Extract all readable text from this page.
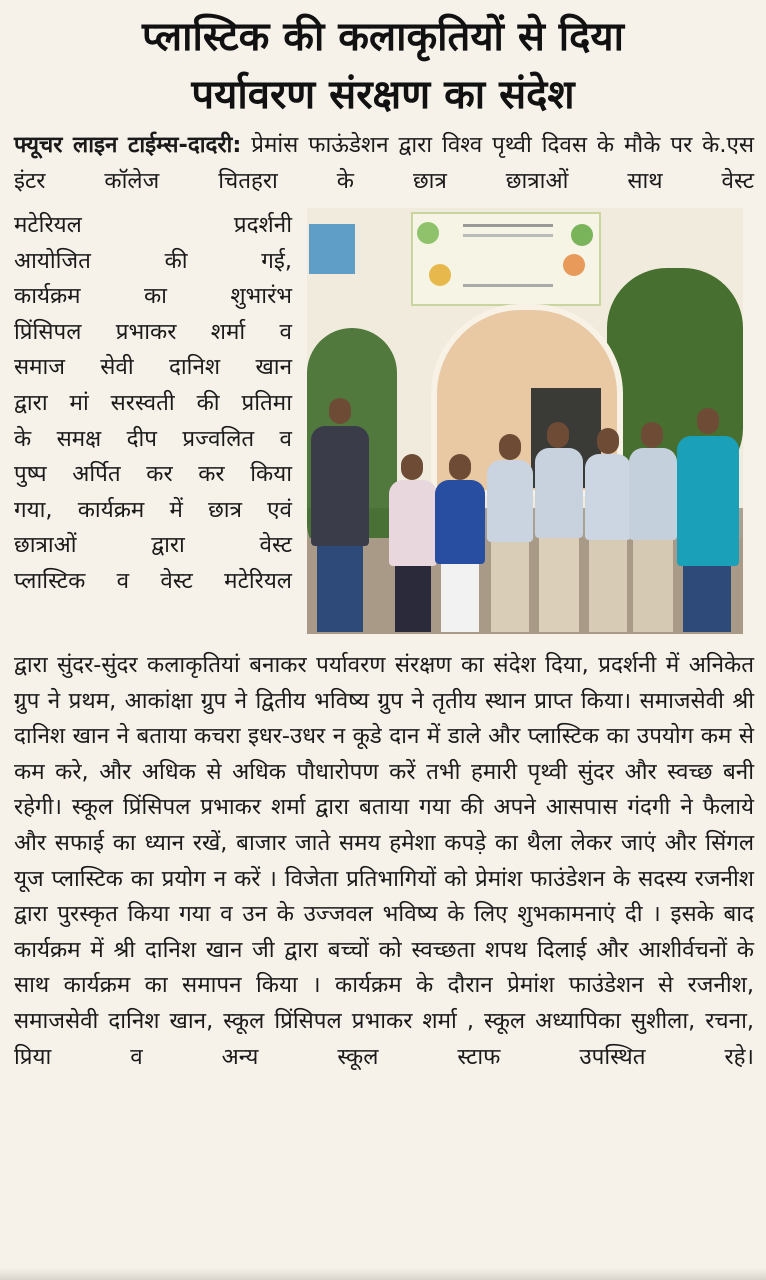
प्लास्टिक की कलाकृतियों से दिया
पर्यावरण संरक्षण का संदेश
फ्यूचर लाइन टाईम्स-दादरी: प्रेमांस फाऊंडेशन द्वारा विश्व पृथ्वी दिवस के मौके पर के.एस इंटर कॉलेज चितहरा के छात्र छात्राओं साथ वेस्ट
मटेरियल प्रदर्शनी
आयोजित की गई,
कार्यक्रम का शुभारंभ
प्रिंसिपल प्रभाकर शर्मा व
समाज सेवी दानिश खान
द्वारा मां सरस्वती की प्रतिमा
के समक्ष दीप प्रज्वलित व
पुष्प अर्पित कर कर किया
गया, कार्यक्रम में छात्र एवं
छात्राओं द्वारा वेस्ट
प्लास्टिक व वेस्ट मटेरियल
द्वारा सुंदर-सुंदर कलाकृतियां बनाकर पर्यावरण संरक्षण का संदेश दिया, प्रदर्शनी में अनिकेत ग्रुप ने प्रथम, आकांक्षा ग्रुप ने द्वितीय भविष्य ग्रुप ने तृतीय स्थान प्राप्त किया। समाजसेवी श्री दानिश खान ने बताया कचरा इधर-उधर न कूडे दान में डाले और प्लास्टिक का उपयोग कम से कम करे, और अधिक से अधिक पौधारोपण करें तभी हमारी पृथ्वी सुंदर और स्वच्छ बनी रहेगी। स्कूल प्रिंसिपल प्रभाकर शर्मा द्वारा बताया गया की अपने आसपास गंदगी ने फैलाये और सफाई का ध्यान रखें, बाजार जाते समय हमेशा कपड़े का थैला लेकर जाएं और सिंगल यूज प्लास्टिक का प्रयोग न करें । विजेता प्रतिभागियों को प्रेमांश फाउंडेशन के सदस्य रजनीश द्वारा पुरस्कृत किया गया व उन के उज्जवल भविष्य के लिए शुभकामनाएं दी । इसके बाद कार्यक्रम में श्री दानिश खान जी द्वारा बच्चों को स्वच्छता शपथ दिलाई और आशीर्वचनों के साथ कार्यक्रम का समापन किया । कार्यक्रम के दौरान प्रेमांश फाउंडेशन से रजनीश, समाजसेवी दानिश खान, स्कूल प्रिंसिपल प्रभाकर शर्मा , स्कूल अध्यापिका सुशीला, रचना, प्रिया व अन्य स्कूल स्टाफ उपस्थित रहे।
